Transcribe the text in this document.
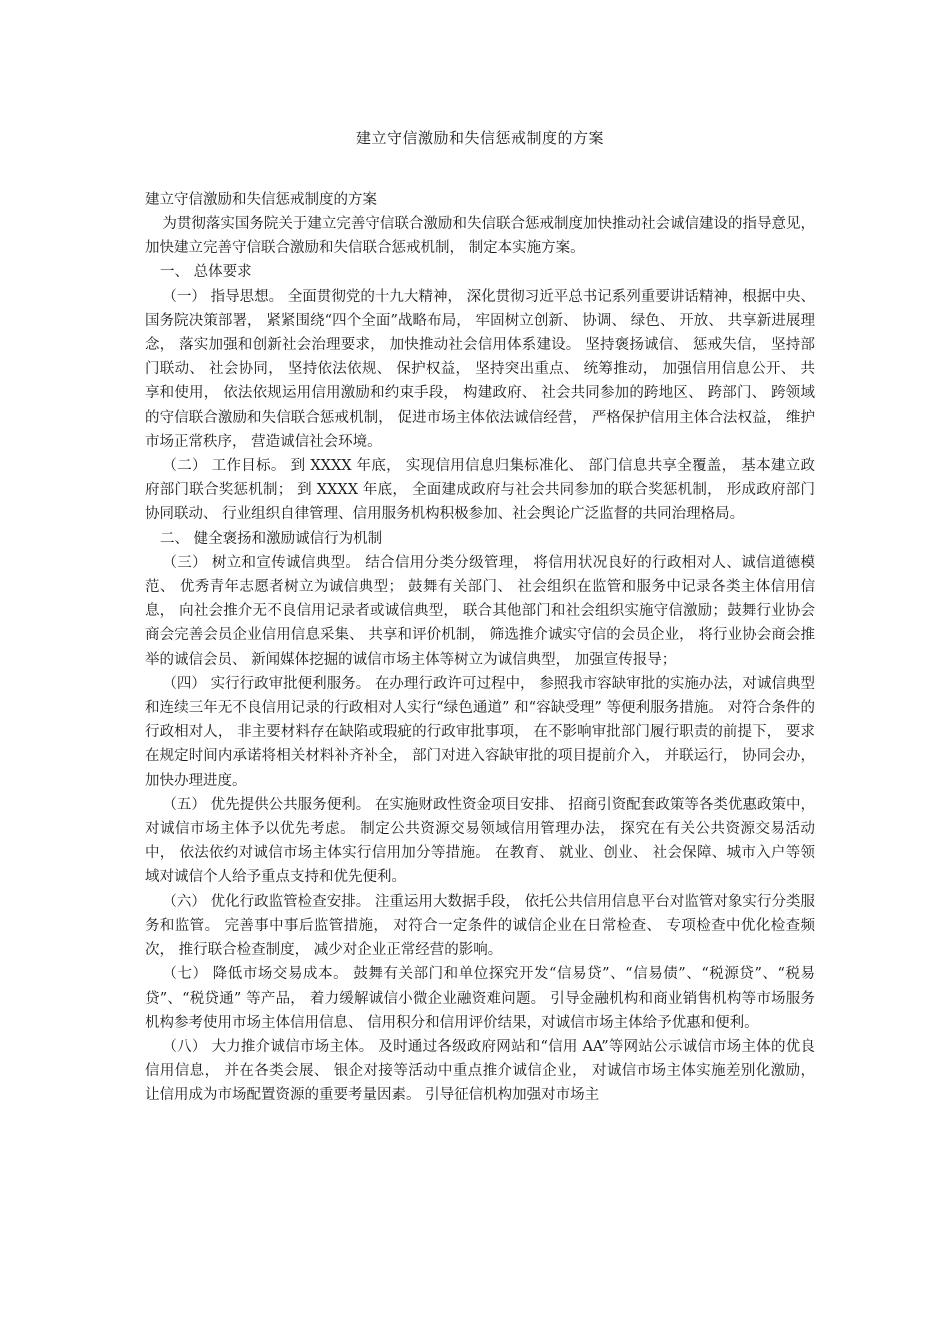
建立守信激励和失信惩戒制度的方案
建立守信激励和失信惩戒制度的方案

为贯彻落实国务院关于建立完善守信联合激励和失信联合惩戒制度加快推动社会诚信建设的指导意见，加快建立完善守信联合激励和失信联合惩戒机制， 制定本实施方案。

一、 总体要求

（一） 指导思想。 全面贯彻党的十九大精神， 深化贯彻习近平总书记系列重要讲话精神，根据中央、 国务院决策部署， 紧紧围绕“四个全面”战略布局， 牢固树立创新、 协调、 绿色、 开放、 共享新进展理念， 落实加强和创新社会治理要求， 加快推动社会信用体系建设。 坚持褒扬诚信、 惩戒失信， 坚持部门联动、 社会协同， 坚持依法依规、 保护权益， 坚持突出重点、 统筹推动， 加强信用信息公开、 共享和使用， 依法依规运用信用激励和约束手段， 构建政府、 社会共同参加的跨地区、 跨部门、 跨领域的守信联合激励和失信联合惩戒机制， 促进市场主体依法诚信经营， 严格保护信用主体合法权益， 维护市场正常秩序， 营造诚信社会环境。

（二） 工作目标。 到 XXXX 年底， 实现信用信息归集标准化、 部门信息共享全覆盖， 基本建立政府部门联合奖惩机制； 到 XXXX 年底， 全面建成政府与社会共同参加的联合奖惩机制， 形成政府部门协同联动、 行业组织自律管理、信用服务机构积极参加、社会舆论广泛监督的共同治理格局。

二、 健全褒扬和激励诚信行为机制

（三） 树立和宣传诚信典型。 结合信用分类分级管理， 将信用状况良好的行政相对人、诚信道德模范、 优秀青年志愿者树立为诚信典型； 鼓舞有关部门、 社会组织在监管和服务中记录各类主体信用信息， 向社会推介无不良信用记录者或诚信典型， 联合其他部门和社会组织实施守信激励；鼓舞行业协会商会完善会员企业信用信息采集、 共享和评价机制， 筛选推介诚实守信的会员企业， 将行业协会商会推举的诚信会员、 新闻媒体挖掘的诚信市场主体等树立为诚信典型， 加强宣传报导；

（四） 实行行政审批便利服务。 在办理行政许可过程中， 参照我市容缺审批的实施办法，对诚信典型和连续三年无不良信用记录的行政相对人实行“绿色通道” 和“容缺受理” 等便利服务措施。 对符合条件的行政相对人， 非主要材料存在缺陷或瑕疵的行政审批事项， 在不影响审批部门履行职责的前提下， 要求在规定时间内承诺将相关材料补齐补全， 部门对进入容缺审批的项目提前介入， 并联运行， 协同会办， 加快办理进度。

（五） 优先提供公共服务便利。 在实施财政性资金项目安排、 招商引资配套政策等各类优惠政策中， 对诚信市场主体予以优先考虑。 制定公共资源交易领域信用管理办法， 探究在有关公共资源交易活动中， 依法依约对诚信市场主体实行信用加分等措施。 在教育、 就业、创业、 社会保障、城市入户等领域对诚信个人给予重点支持和优先便利。

（六） 优化行政监管检查安排。 注重运用大数据手段， 依托公共信用信息平台对监管对象实行分类服务和监管。 完善事中事后监管措施， 对符合一定条件的诚信企业在日常检查、 专项检查中优化检查频次， 推行联合检查制度， 减少对企业正常经营的影响。

（七） 降低市场交易成本。 鼓舞有关部门和单位探究开发“信易贷”、“信易债”、“税源贷”、“税易贷”、“税贷通” 等产品， 着力缓解诚信小微企业融资难问题。 引导金融机构和商业销售机构等市场服务机构参考使用市场主体信用信息、 信用积分和信用评价结果，对诚信市场主体给予优惠和便利。

（八） 大力推介诚信市场主体。 及时通过各级政府网站和“信用 AA”等网站公示诚信市场主体的优良信用信息， 并在各类会展、 银企对接等活动中重点推介诚信企业， 对诚信市场主体实施差别化激励， 让信用成为市场配置资源的重要考量因素。 引导征信机构加强对市场主
